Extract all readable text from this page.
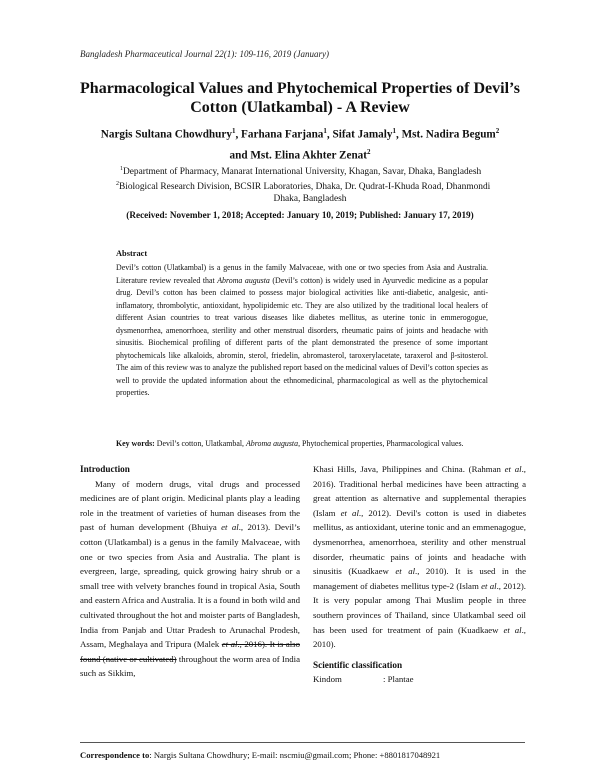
Bangladesh Pharmaceutical Journal 22(1): 109-116, 2019 (January)
Pharmacological Values and Phytochemical Properties of Devil’s Cotton (Ulatkambal) - A Review
Nargis Sultana Chowdhury$^1$, Farhana Farjana$^1$, Sifat Jamaly$^1$, Mst. Nadira Begum$^2$
and Mst. Elina Akhter Zenat$^2$
$^1$Department of Pharmacy, Manarat International University, Khagan, Savar, Dhaka, Bangladesh
$^2$Biological Research Division, BCSIR Laboratories, Dhaka, Dr. Qudrat-I-Khuda Road, Dhanmondi
Dhaka, Bangladesh
(Received: November 1, 2018; Accepted: January 10, 2019; Published: January 17, 2019)
Abstract
Devil’s cotton (Ulatkambal) is a genus in the family Malvaceae, with one or two species from Asia and Australia. Literature review revealed that Abroma augusta (Devil’s cotton) is widely used in Ayurvedic medicine as a popular drug. Devil’s cotton has been claimed to possess major biological activities like anti-diabetic, analgesic, anti-inflamatory, thrombolytic, antioxidant, hypolipidemic etc. They are also utilized by the traditional local healers of different Asian countries to treat various diseases like diabetes mellitus, as uterine tonic in emmerogogue, dysmenorrhea, amenorrhoea, sterility and other menstrual disorders, rheumatic pains of joints and headache with sinusitis. Biochemical profiling of different parts of the plant demonstrated the presence of some important phytochemicals like alkaloids, abromin, sterol, friedelin, abromasterol, taroxerylacetate, taraxerol and β-sitosterol. The aim of this review was to analyze the published report based on the medicinal values of Devil’s cotton species as well to provide the updated information about the ethnomedicinal, pharmacological as well as the phytochemical properties.
Key words: Devil’s cotton, Ulatkambal, Abroma augusta, Phytochemical properties, Pharmacological values.
Introduction

Many of modern drugs, vital drugs and processed medicines are of plant origin. Medicinal plants play a leading role in the treatment of varieties of human diseases from the past of human development (Bhuiya et al., 2013). Devil’s cotton (Ulatkambal) is a genus in the family Malvaceae, with one or two species from Asia and Australia. The plant is evergreen, large, spreading, quick growing hairy shrub or a small tree with velvety branches found in tropical Asia, South and eastern Africa and Australia. It is a found in both wild and cultivated throughout the hot and moister parts of Bangladesh, India from Panjab and Uttar Pradesh to Arunachal Prodesh, Assam, Meghalaya and Tripura (Malek et al., 2016). It is also found (native or cultivated) throughout the worm area of India such as Sikkim,

Khasi Hills, Java, Philippines and China. (Rahman et al., 2016). Traditional herbal medicines have been attracting a great attention as alternative and supplemental therapies (Islam et al., 2012). Devil's cotton is used in diabetes mellitus, as antioxidant, uterine tonic and an emmenagogue, dysmenorrhea, amenorrhoea, sterility and other menstrual disorder, rheumatic pains of joints and headache with sinusitis (Kuadkaew et al., 2010). It is used in the management of diabetes mellitus type-2 (Islam et al., 2012). It is very popular among Thai Muslim people in three southern provinces of Thailand, since Ulatkambal seed oil has been used for treatment of pain (Kuadkaew et al., 2010).

Scientific classification
Kindom	: Plantae
Correspondence to: Nargis Sultana Chowdhury; E-mail: nscmiu@gmail.com; Phone: +8801817048921
